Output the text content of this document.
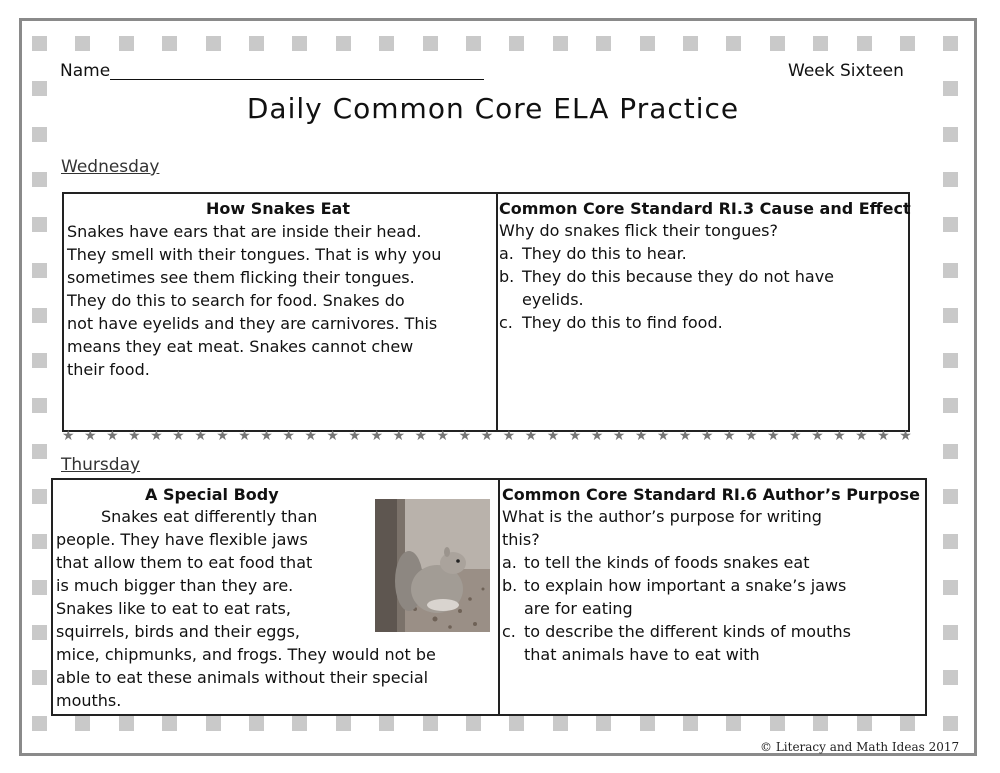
Name	Week Sixteen
Daily Common Core ELA Practice
Wednesday
How Snakes Eat
Snakes have ears that are inside their head.
They smell with their tongues. That is why you
sometimes see them flicking their tongues.
They do this to search for food. Snakes do
not have eyelids and they are carnivores. This
means they eat meat. Snakes cannot chew
their food.
Common Core Standard RI.3 Cause and Effect
Why do snakes flick their tongues?
a. They do this to hear.
b. They do this because they do not have
eyelids.
c. They do this to find food.
★ ★ ★ ★ ★ ★ ★ ★ ★ ★ ★ ★ ★ ★ ★ ★ ★ ★ ★ ★ ★ ★ ★ ★ ★ ★ ★ ★ ★ ★ ★ ★ ★ ★ ★ ★ ★ ★ ★
Thursday
A Special Body
Snakes eat differently than
people. They have flexible jaws
that allow them to eat food that
is much bigger than they are.
Snakes like to eat to eat rats,
squirrels, birds and their eggs,
mice, chipmunks, and frogs. They would not be
able to eat these animals without their special
mouths.
Common Core Standard RI.6 Author’s Purpose
What is the author’s purpose for writing
this?
a. to tell the kinds of foods snakes eat
b. to explain how important a snake’s jaws
are for eating
c. to describe the different kinds of mouths
that animals have to eat with
© Literacy and Math Ideas 2017
